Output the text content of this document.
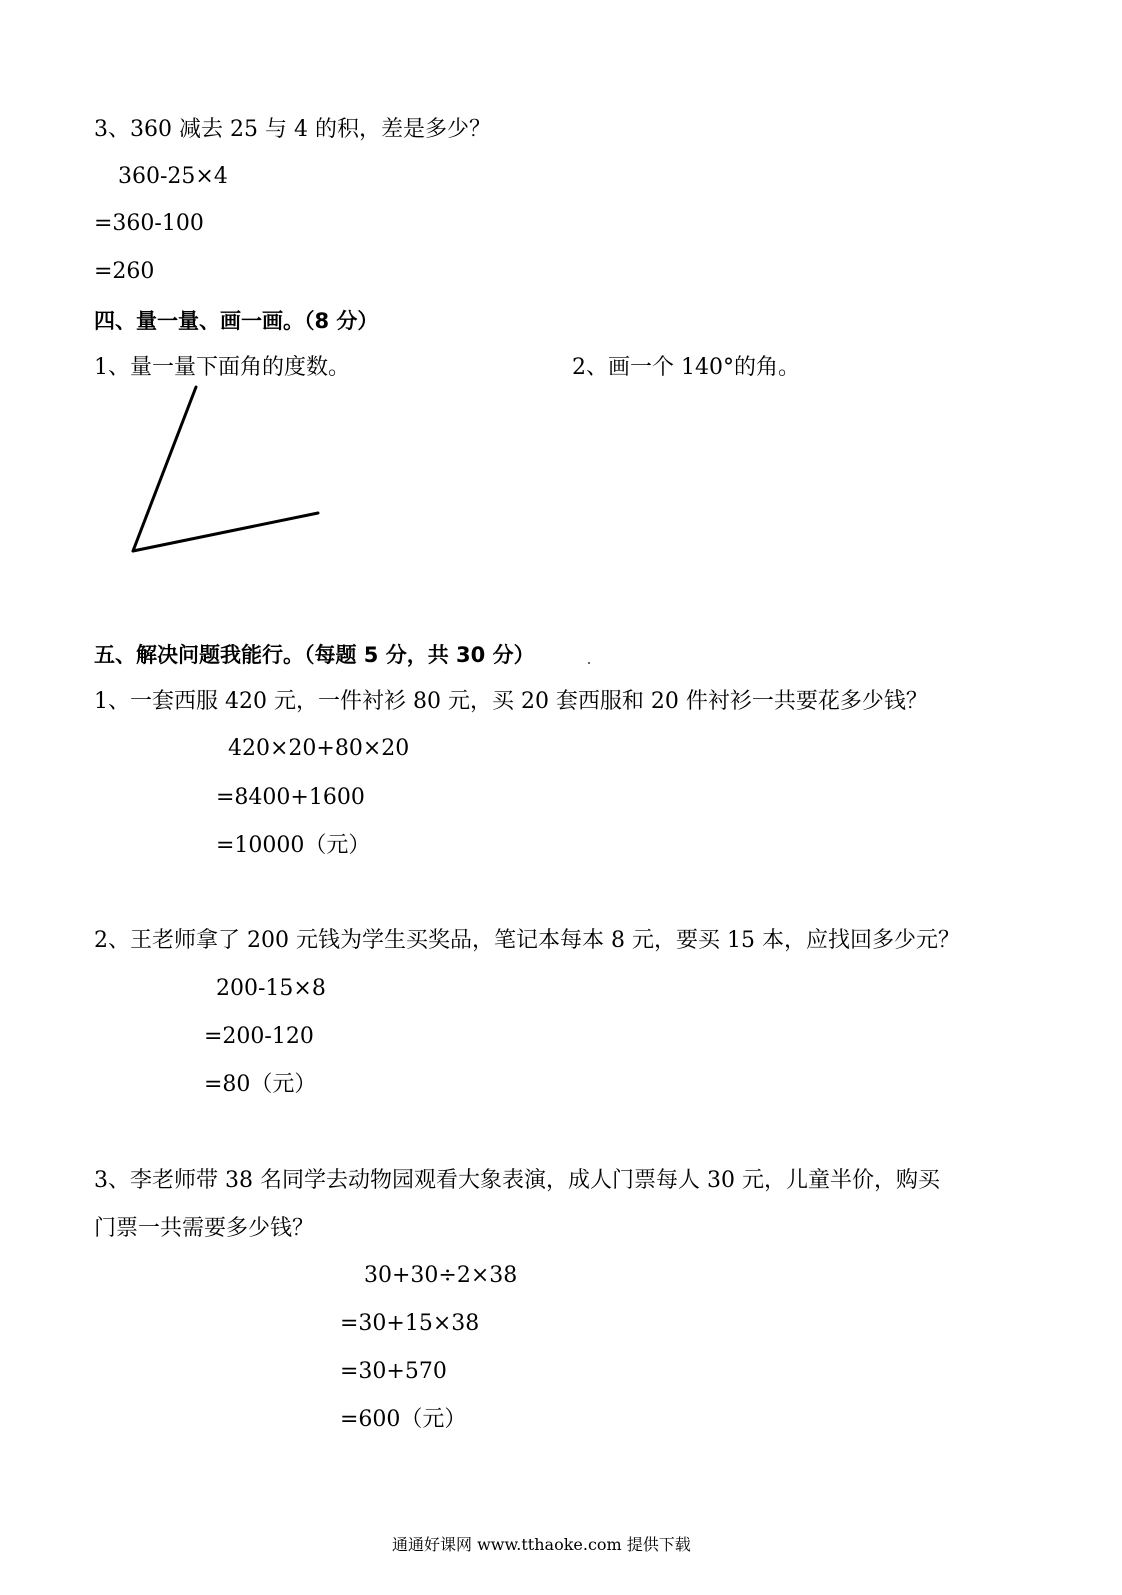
3、360 减去 25 与 4 的积，差是多少？
360-25×4
=360-100
=260
四、量一量、画一画。（8 分）
1、量一量下面角的度数。	2、画一个 140°的角。
五、解决问题我能行。（每题 5 分，共 30 分）
1、一套西服 420 元，一件衬衫 80 元，买 20 套西服和 20 件衬衫一共要花多少钱？
420×20+80×20
=8400+1600
=10000（元）
2、王老师拿了 200 元钱为学生买奖品，笔记本每本 8 元，要买 15 本，应找回多少元？
200-15×8
=200-120
=80（元）
3、李老师带 38 名同学去动物园观看大象表演，成人门票每人 30 元，儿童半价，购买
门票一共需要多少钱？
30+30÷2×38
=30+15×38
=30+570
=600（元）
通通好课网 www.tthaoke.com 提供下载
